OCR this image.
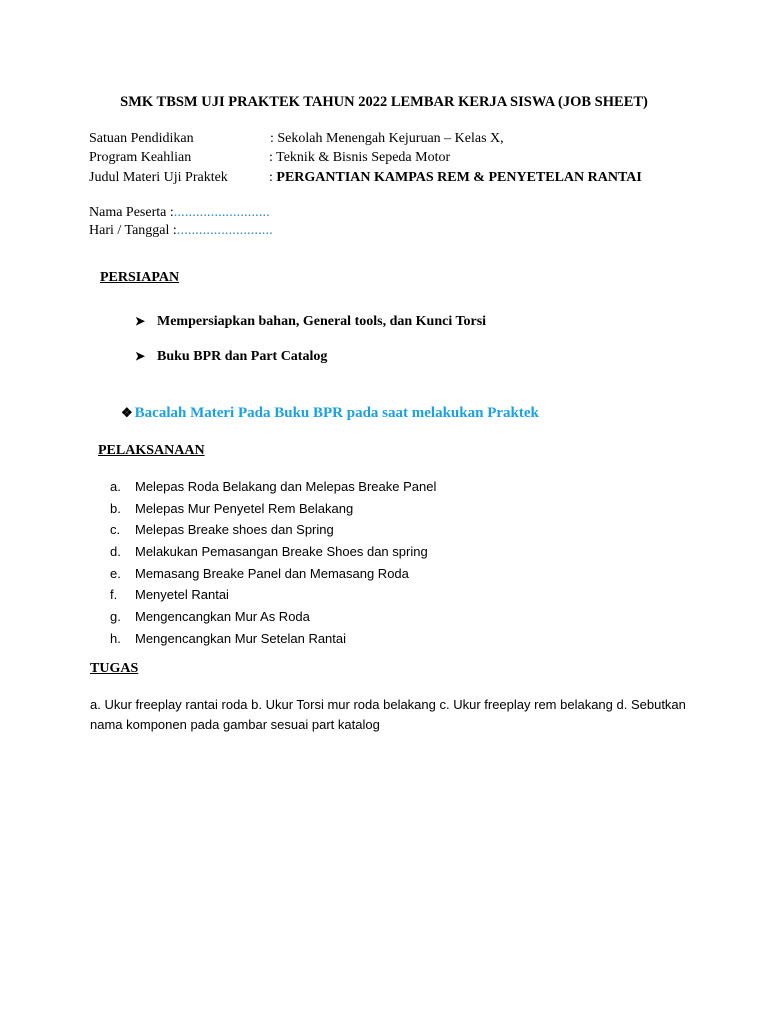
SMK TBSM UJI PRAKTEK TAHUN 2022 LEMBAR KERJA SISWA (JOB SHEET)
Satuan Pendidikan	: Sekolah Menengah Kejuruan – Kelas X,
Program Keahlian	: Teknik & Bisnis Sepeda Motor
Judul Materi Uji Praktek	: PERGANTIAN KAMPAS REM & PENYETELAN RANTAI
Nama Peserta :..........................
Hari / Tanggal :..........................
PERSIAPAN
➤ Mempersiapkan bahan, General tools, dan Kunci Torsi
➤ Buku BPR dan Part Catalog
❖ Bacalah Materi Pada Buku BPR pada saat melakukan Praktek
PELAKSANAAN
a. Melepas Roda Belakang dan Melepas Breake Panel
b. Melepas Mur Penyetel Rem Belakang
c. Melepas Breake shoes dan Spring
d. Melakukan Pemasangan Breake Shoes dan spring
e. Memasang Breake Panel dan Memasang Roda
f. Menyetel Rantai
g. Mengencangkan Mur As Roda
h. Mengencangkan Mur Setelan Rantai
TUGAS
a. Ukur freeplay rantai roda b. Ukur Torsi mur roda belakang c. Ukur freeplay rem belakang d. Sebutkan nama komponen pada gambar sesuai part katalog
